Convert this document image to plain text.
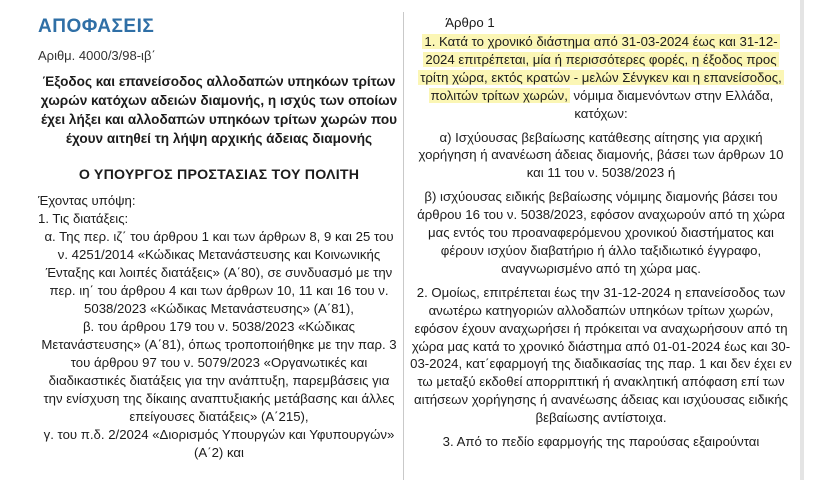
ΑΠΟΦΑΣΕΙΣ
Αριθμ. 4000/3/98-ιβ΄
Έξοδος και επανείσοδος αλλοδαπών υπηκόων τρίτων χωρών κατόχων αδειών διαμονής, η ισχύς των οποίων έχει λήξει και αλλοδαπών υπηκόων τρίτων χωρών που έχουν αιτηθεί τη λήψη αρχικής άδειας διαμονής
Ο ΥΠΟΥΡΓΟΣ ΠΡΟΣΤΑΣΙΑΣ ΤΟΥ ΠΟΛΙΤΗ

Έχοντας υπόψη:

1. Τις διατάξεις:

α. Της περ. ιζ΄ του άρθρου 1 και των άρθρων 8, 9 και 25 του ν. 4251/2014 «Κώδικας Μετανάστευσης και Κοινωνικής Ένταξης και λοιπές διατάξεις» (Α΄80), σε συνδυασμό με την περ. ιη΄ του άρθρου 4 και των άρθρων 10, 11 και 16 του ν. 5038/2023 «Κώδικας Μετανάστευσης» (Α΄81),

β. του άρθρου 179 του ν. 5038/2023 «Κώδικας Μετανάστευσης» (Α΄81), όπως τροποποιήθηκε με την παρ. 3 του άρθρου 97 του ν. 5079/2023 «Οργανωτικές και διαδικαστικές διατάξεις για την ανάπτυξη, παρεμβάσεις για την ενίσχυση της δίκαιης αναπτυξιακής μετάβασης και άλλες επείγουσες διατάξεις» (Α΄215),

γ. του π.δ. 2/2024 «Διορισμός Υπουργών και Υφυπουργών» (Α΄2) και

Άρθρο 1

1. Κατά το χρονικό διάστημα από 31-03-2024 έως και 31-12-2024 επιτρέπεται, μία ή περισσότερες φορές, η έξοδος προς τρίτη χώρα, εκτός κρατών - μελών Σένγκεν και η επανείσοδος, πολιτών τρίτων χωρών, νόμιμα διαμενόντων στην Ελλάδα, κατόχων:

α) Ισχύουσας βεβαίωσης κατάθεσης αίτησης για αρχική χορήγηση ή ανανέωση άδειας διαμονής, βάσει των άρθρων 10 και 11 του ν. 5038/2023 ή

β) ισχύουσας ειδικής βεβαίωσης νόμιμης διαμονής βάσει του άρθρου 16 του ν. 5038/2023, εφόσον αναχωρούν από τη χώρα μας εντός του προαναφερόμενου χρονικού διαστήματος και φέρουν ισχύον διαβατήριο ή άλλο ταξιδιωτικό έγγραφο, αναγνωρισμένο από τη χώρα μας.

2. Ομοίως, επιτρέπεται έως την 31-12-2024 η επανείσοδος των ανωτέρω κατηγοριών αλλοδαπών υπηκόων τρίτων χωρών, εφόσον έχουν αναχωρήσει ή πρόκειται να αναχωρήσουν από τη χώρα μας κατά το χρονικό διάστημα από 01-01-2024 έως και 30-03-2024, κατ΄εφαρμογή της διαδικασίας της παρ. 1 και δεν έχει εν τω μεταξύ εκδοθεί απορριπτική ή ανακλητική απόφαση επί των αιτήσεων χορήγησης ή ανανέωσης άδειας και ισχύουσας ειδικής βεβαίωσης αντίστοιχα.

3. Από το πεδίο εφαρμογής της παρούσας εξαιρούνται
